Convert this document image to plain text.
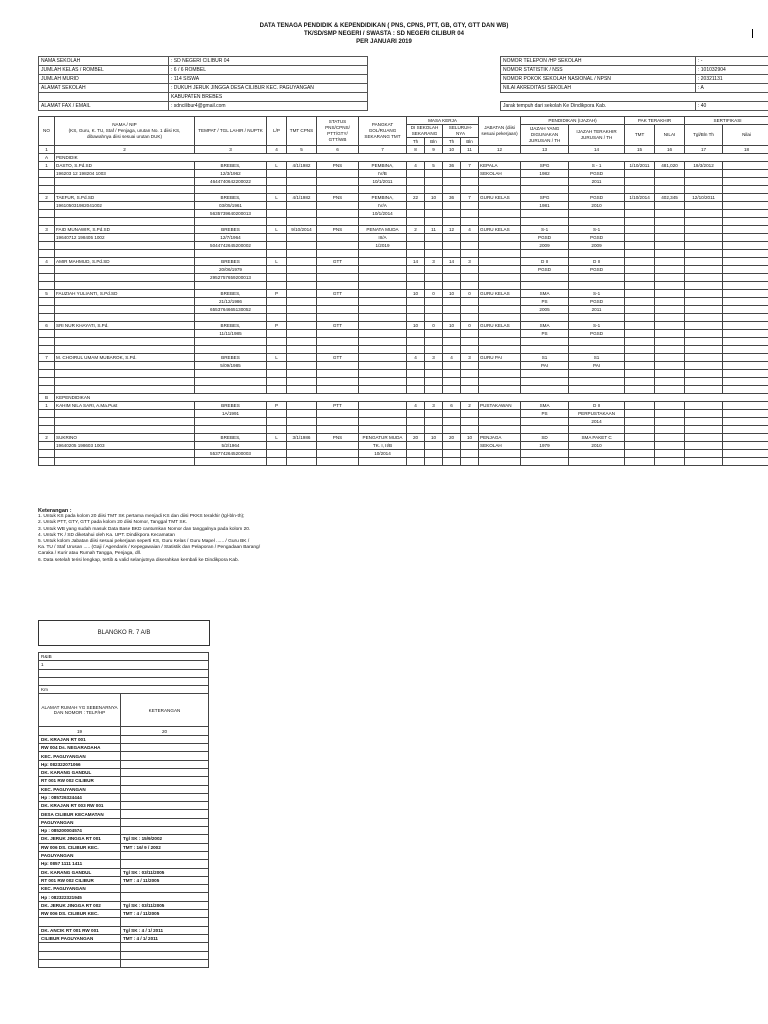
DATA TENAGA PENDIDIK & KEPENDIDIKAN ( PNS, CPNS, PTT, GB, GTY, GTT DAN WB)
TK/SD/SMP NEGERI / SWASTA : SD NEGERI CILIBUR 04
PER JANUARI 2019
NAMA SEKOLAH	: SD NEGERI CILIBUR 04
JUMLAH KELAS / ROMBEL	: 6 / 6 ROMBEL
JUMLAH MURID	: 114 SISWA
ALAMAT SEKOLAH	: DUKUH JERUK JINGGA DESA CILIBUR KEC. PAGUYANGAN
	KABUPATEN BREBES
ALAMAT FAX / EMAIL	: sdncilibur4@gmail.com
NOMOR TELEPON /HP SEKOLAH	: -
NOMOR STATISTIK / NSS	: 101032904
NOMOR POKOK SEKOLAH NASIONAL / NPSN	: 20321131
NILAI AKREDITASI SEKOLAH	: A
Jarak tempuh dari sekolah Ke Dindikpora Kab.	: 40
NO	NAMA / NIP
(KS, Guru, K. TU, Staf / Penjaga, urutan No. 1 diisi KS, dibawahnya diisi sesuai urutan DUK)	TEMPAT / TGL LAHIR / NUPTK	L/P	TMT CPNS	STATUS PNS/CPNS/ PTT/GTY/ GTT/WB	PANGKAT GOL/RUANG SEKARANG TMT	MASA KERJA				JABATAN (diisi sesuai pekerjaan)	PENDIDIKAN (IJAZAH)		PAK TERAKHIR		SERTIFIKASI	
							DI SEKOLAH SEKARANG		SELURUH- NYA			IJAZAH YANG DIGUNAKAN JURUSAN / TH	IJAZAH TERAKHIR JURUSAN / TH	TMT	NILAI	Tgl/Bln Th	Nilai
							Th	Bln	Th	Bln							
1	2	3	4	5	6	7	8	9	10	11	12	13	14	15	16	17	18
A	PENDIDIK																
1	DASTO, S.Pd.SD	BREBES,	L	4/1/1982	PNS	PEMBINA,	4	5	36	7	KEPALA	SPG	S - 1	1/10/2011	481,020	19/3/2012	
	196203 12 198204 1003	12/3/1962				IV/B					SEKOLAH	1982	PGSD				
		4644740642200022				10/1/2011							2011				

2	TAEFUR, S.Pd.SD	BREBES,	L	4/1/1982	PNS	PEMBINA,	22	10	36	7	GURU KELAS	SPG	PGSD	1/10/2014	402,345	12/10/2011	
	196105031982041002	03/05/1961				IV/A						1981	2010				
		5635739640200013				10/1/2014											

3	FAID MUNAWIR, S.Pd.SD	BREBES	L	9/10/2014	PNS	PENATA MUDA	2	11	12	4	GURU KELAS	S-1	S-1				
	19640712 198405 1002	12/7/1964				III/A						PGSD	PGSD				
		5044742645200002				1/2019						2009	2009				

4	AMIR MAHMUD, S.Pd.SD	BREBES	L		GTT		14	3	14	3		D II	D II				
		20/06/1979										PGSD	PGSD				
		2952757659200013															

5	FAUZIAH YULIANTI, S.Pd.SD	BREBES,	P		GTT		10	0	10	0	GURU KELAS	SMA	S-1				
		21/12/1986										PS	PGSD				
		6553764665130052										2005	2011				

6	SRI NUR KHAYATI, S.Pd.	BREBES,	P		GTT		10	0	10	0	GURU KELAS	SMA	S-1				
		11/11/1985										PS	PGSD				

7	M. CHOIRUL UMAM MUBAROK, S.Pd.	BREBES	L		GTT		4	3	4	3	GURU PAI	S1	S1				
		5/09/1985										PAI	PAI				

B	KEPENDIDIKAN																
1	KAHIM NILA SARI, A.Ma.Pust	BREBES	P		PTT		4	3	6	2	PUSTAKAWAN	SMA	D II				
		1A/1991										PS	PERPUSTAKAAN				
													2014				

2	SUKRINO	BREBES,	L	3/1/1986	PNS	PENGATUR MUDA	20	10	20	10	PENJAGA	SD	SMA PAKET C				
	19640205 198603 1003	5/2/1964				TK. I, II/B					SEKOLAH	1979	2010				
		5537742645200003				10/2014											

Keterangan :
1. Untuk KS pada kolom 20 diisi TMT SK pertama menjadi KS dan diisi PKKS terakhir (tgl-bln-th);
2. Untuk PTT, GTY, GTT pada kolom 20 diisi Nomor, Tanggal TMT SK.
3. Untuk WB yang sudah masuk Data Base BKD cantumkan Nomor dan tanggalnya pada kolom 20.
4. Untuk TK / SD diketahui oleh Ka. UPT. Dindikpora Kecamatan
5. Untuk kolom Jabatan diisi sesuai pekerjaan seperti KS, Guru Kelas / Guru Mapel ...... / Guru BK /
Ka. TU / Staf Urusan ..... (Gaji / Agendaris / Kepegawaian / Statistik dan Pelaporan / Pengadaan Barang/
Caraka / Kurir atau Rumah Tangga, Penjaga, dll.
6. Data setelah terisi lengkap, tertib & valid selanjutnya diserahkan kembali ke Dindikpora Kab.
BLANGKO R. 7 A/B
R&IB	
1	

Km	
ALAMAT RUMAH YG SEBENARNYA DAN NOMOR : TELP/HP	KETERANGAN
19	20
DK. KRAJAN RT 001	
RW 004 Ds. NEGARADAHA	
KEC. PAGUYANGAN	
Hp: 082322071066	
DK. KARANG GANDUL	
RT 001 RW 002 CILIBUR	
KEC. PAGUYANGAN	
Hp : 085726324444	
DK. KRAJAN RT 003 RW 001	
DESA CILIBUR KECAMATAN	
PAGUYANGAN	
Hp : 085200004574	
DK. JERUK JINGGA RT 001	Tgl SK : 15/9/2002
RW 006 DS. CILIBUR KEC.	TMT : 16/ 9 / 2002
PAGUYANGAN	
Hp: 0857 1111 1411	
DK. KARANG GANDUL	Tgl SK : 03/11/2005
RT 001 RW 002 CILIBUR	TMT : 4 / 11/2005
KEC. PAGUYANGAN	
Hp : 082322321945	
DK. JERUK JINGGA RT 002	Tgl SK : 03/11/2005
RW 006 DS. CILIBUR KEC.	TMT : 4 / 11/2005

DK. ANCIK RT 001 RW 001	Tgl SK : 4 / 1/ 2011
CILIBUR PAGUYANGAN	TMT : 4 / 1/ 2011
